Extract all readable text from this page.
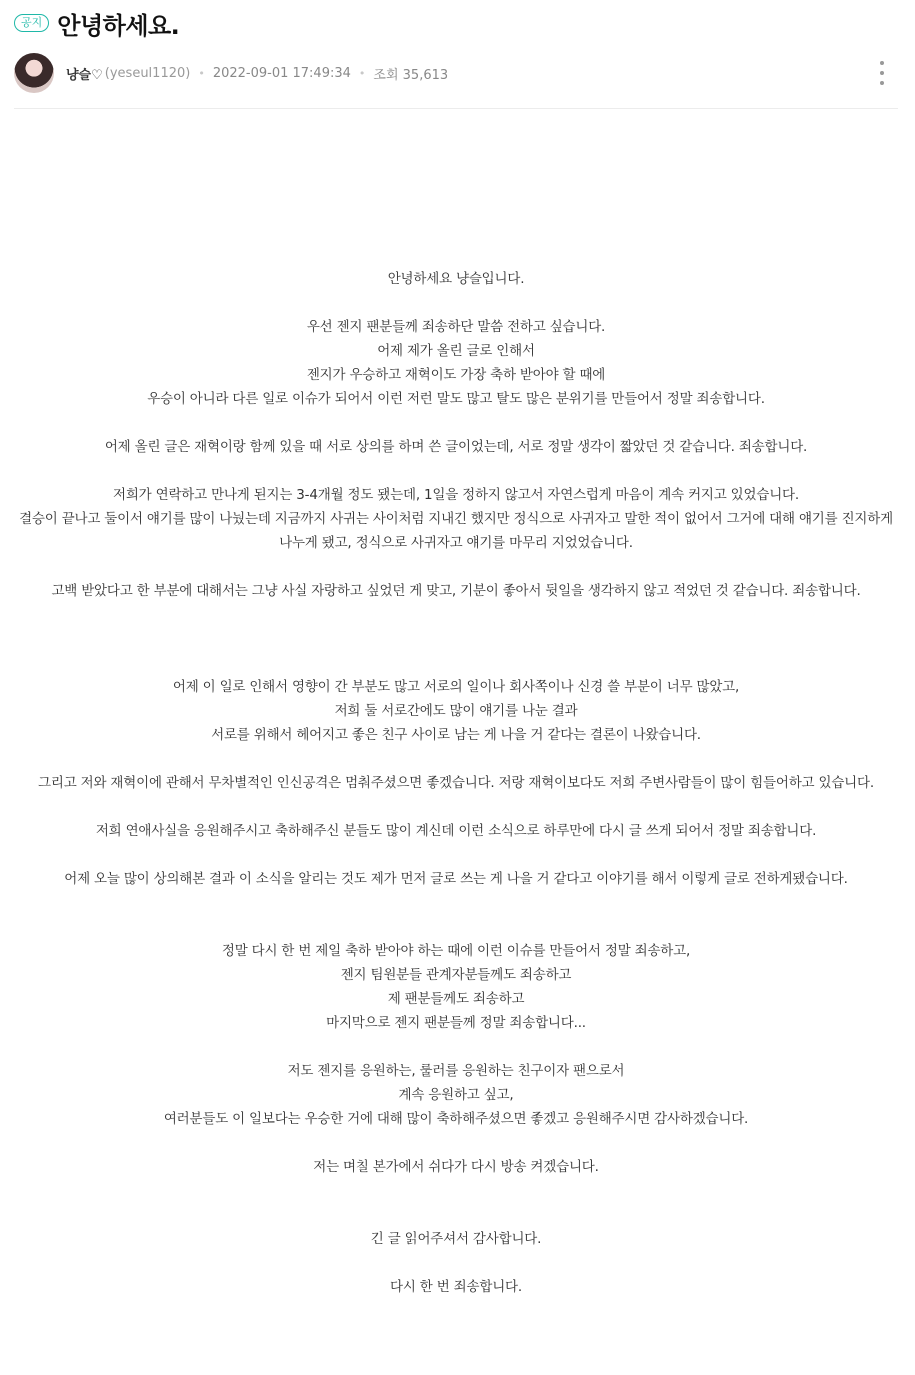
공지 안녕하세요.
냥슬♡ (yeseul1120) • 2022-09-01 17:49:34 • 조회 35,613

안녕하세요 냥슬입니다.

우선 젠지 팬분들께 죄송하단 말씀 전하고 싶습니다.

어제 제가 올린 글로 인해서

젠지가 우승하고 재혁이도 가장 축하 받아야 할 때에

우승이 아니라 다른 일로 이슈가 되어서 이런 저런 말도 많고 탈도 많은 분위기를 만들어서 정말 죄송합니다.

어제 올린 글은 재혁이랑 함께 있을 때 서로 상의를 하며 쓴 글이었는데, 서로 정말 생각이 짧았던 것 같습니다. 죄송합니다.

저희가 연락하고 만나게 된지는 3-4개월 정도 됐는데, 1일을 정하지 않고서 자연스럽게 마음이 계속 커지고 있었습니다.

결승이 끝나고 둘이서 얘기를 많이 나눴는데 지금까지 사귀는 사이처럼 지내긴 했지만 정식으로 사귀자고 말한 적이 없어서 그거에 대해 얘기를 진지하게 나누게 됐고, 정식으로 사귀자고 얘기를 마무리 지었었습니다.

고백 받았다고 한 부분에 대해서는 그냥 사실 자랑하고 싶었던 게 맞고, 기분이 좋아서 뒷일을 생각하지 않고 적었던 것 같습니다. 죄송합니다.

어제 이 일로 인해서 영향이 간 부분도 많고 서로의 일이나 회사쪽이나 신경 쓸 부분이 너무 많았고,

저희 둘 서로간에도 많이 얘기를 나눈 결과

서로를 위해서 헤어지고 좋은 친구 사이로 남는 게 나을 거 같다는 결론이 나왔습니다.

그리고 저와 재혁이에 관해서 무차별적인 인신공격은 멈춰주셨으면 좋겠습니다. 저랑 재혁이보다도 저희 주변사람들이 많이 힘들어하고 있습니다.

저희 연애사실을 응원해주시고 축하해주신 분들도 많이 계신데 이런 소식으로 하루만에 다시 글 쓰게 되어서 정말 죄송합니다.

어제 오늘 많이 상의해본 결과 이 소식을 알리는 것도 제가 먼저 글로 쓰는 게 나을 거 같다고 이야기를 해서 이렇게 글로 전하게됐습니다.

정말 다시 한 번 제일 축하 받아야 하는 때에 이런 이슈를 만들어서 정말 죄송하고,

젠지 팀원분들 관계자분들께도 죄송하고

제 팬분들께도 죄송하고

마지막으로 젠지 팬분들께 정말 죄송합니다...

저도 젠지를 응원하는, 룰러를 응원하는 친구이자 팬으로서

계속 응원하고 싶고,

여러분들도 이 일보다는 우승한 거에 대해 많이 축하해주셨으면 좋겠고 응원해주시면 감사하겠습니다.

저는 며칠 본가에서 쉬다가 다시 방송 켜겠습니다.

긴 글 읽어주셔서 감사합니다.

다시 한 번 죄송합니다.
